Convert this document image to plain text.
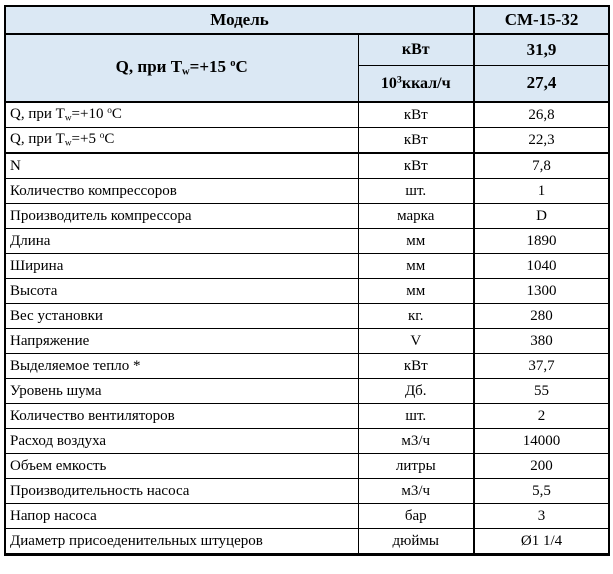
Модель		СМ-15-32
Q, при $T_w=+15$ $^o$C	кВт	31,9
	$10^3ккал/ч$	27,4
Q, при $T_w=+10$ $^o$C	кВт	26,8
Q, при $T_w=+5$ $^o$C	кВт	22,3
N	кВт	7,8
Количество компрессоров	шт.	1
Производитель компрессора	марка	D
Длина	мм	1890
Ширина	мм	1040
Высота	мм	1300
Вес установки	кг.	280
Напряжение	V	380
Выделяемое тепло *	кВт	37,7
Уровень шума	Дб.	55
Количество вентиляторов	шт.	2
Расход воздуха	м3/ч	14000
Объем емкость	литры	200
Производительность насоса	м3/ч	5,5
Напор насоса	бар	3
Диаметр присоеденительных штуцеров	дюймы	Ø1 1/4
